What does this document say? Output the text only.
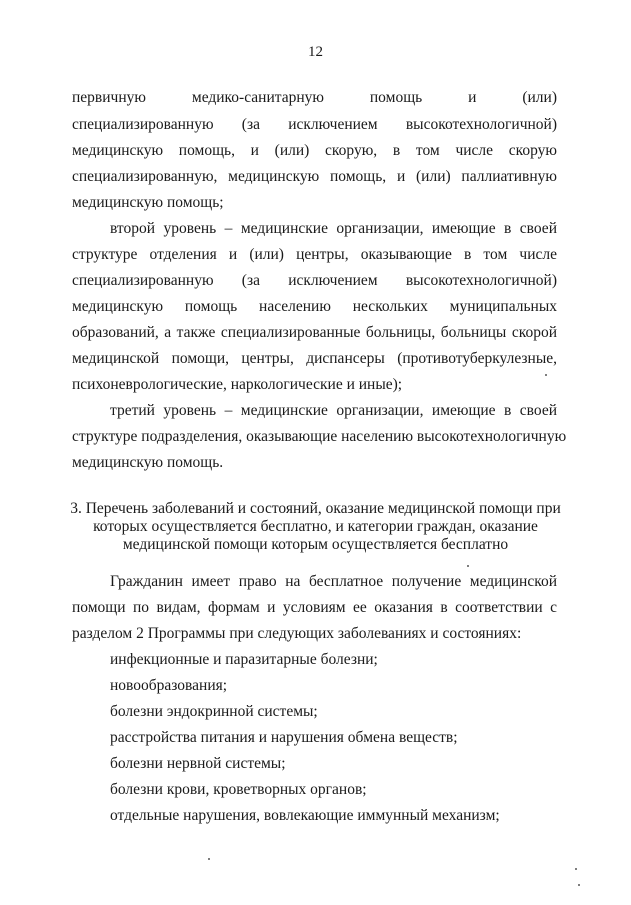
12
первичную медико-санитарную помощь и (или)
специализированную (за исключением высокотехнологичной)
медицинскую помощь, и (или) скорую, в том числе скорую
специализированную, медицинскую помощь, и (или) паллиативную
медицинскую помощь;
второй уровень – медицинские организации, имеющие в своей
структуре отделения и (или) центры, оказывающие в том числе
специализированную (за исключением высокотехнологичной)
медицинскую помощь населению нескольких муниципальных
образований, а также специализированные больницы, больницы скорой
медицинской помощи, центры, диспансеры (противотуберкулезные,
психоневрологические, наркологические и иные);
третий уровень – медицинские организации, имеющие в своей
структуре подразделения, оказывающие населению высокотехнологичную
медицинскую помощь.
3. Перечень заболеваний и состояний, оказание медицинской помощи при
которых осуществляется бесплатно, и категории граждан, оказание
медицинской помощи которым осуществляется бесплатно
Гражданин имеет право на бесплатное получение медицинской
помощи по видам, формам и условиям ее оказания в соответствии с
разделом 2 Программы при следующих заболеваниях и состояниях:
инфекционные и паразитарные болезни;
новообразования;
болезни эндокринной системы;
расстройства питания и нарушения обмена веществ;
болезни нервной системы;
болезни крови, кроветворных органов;
отдельные нарушения, вовлекающие иммунный механизм;
